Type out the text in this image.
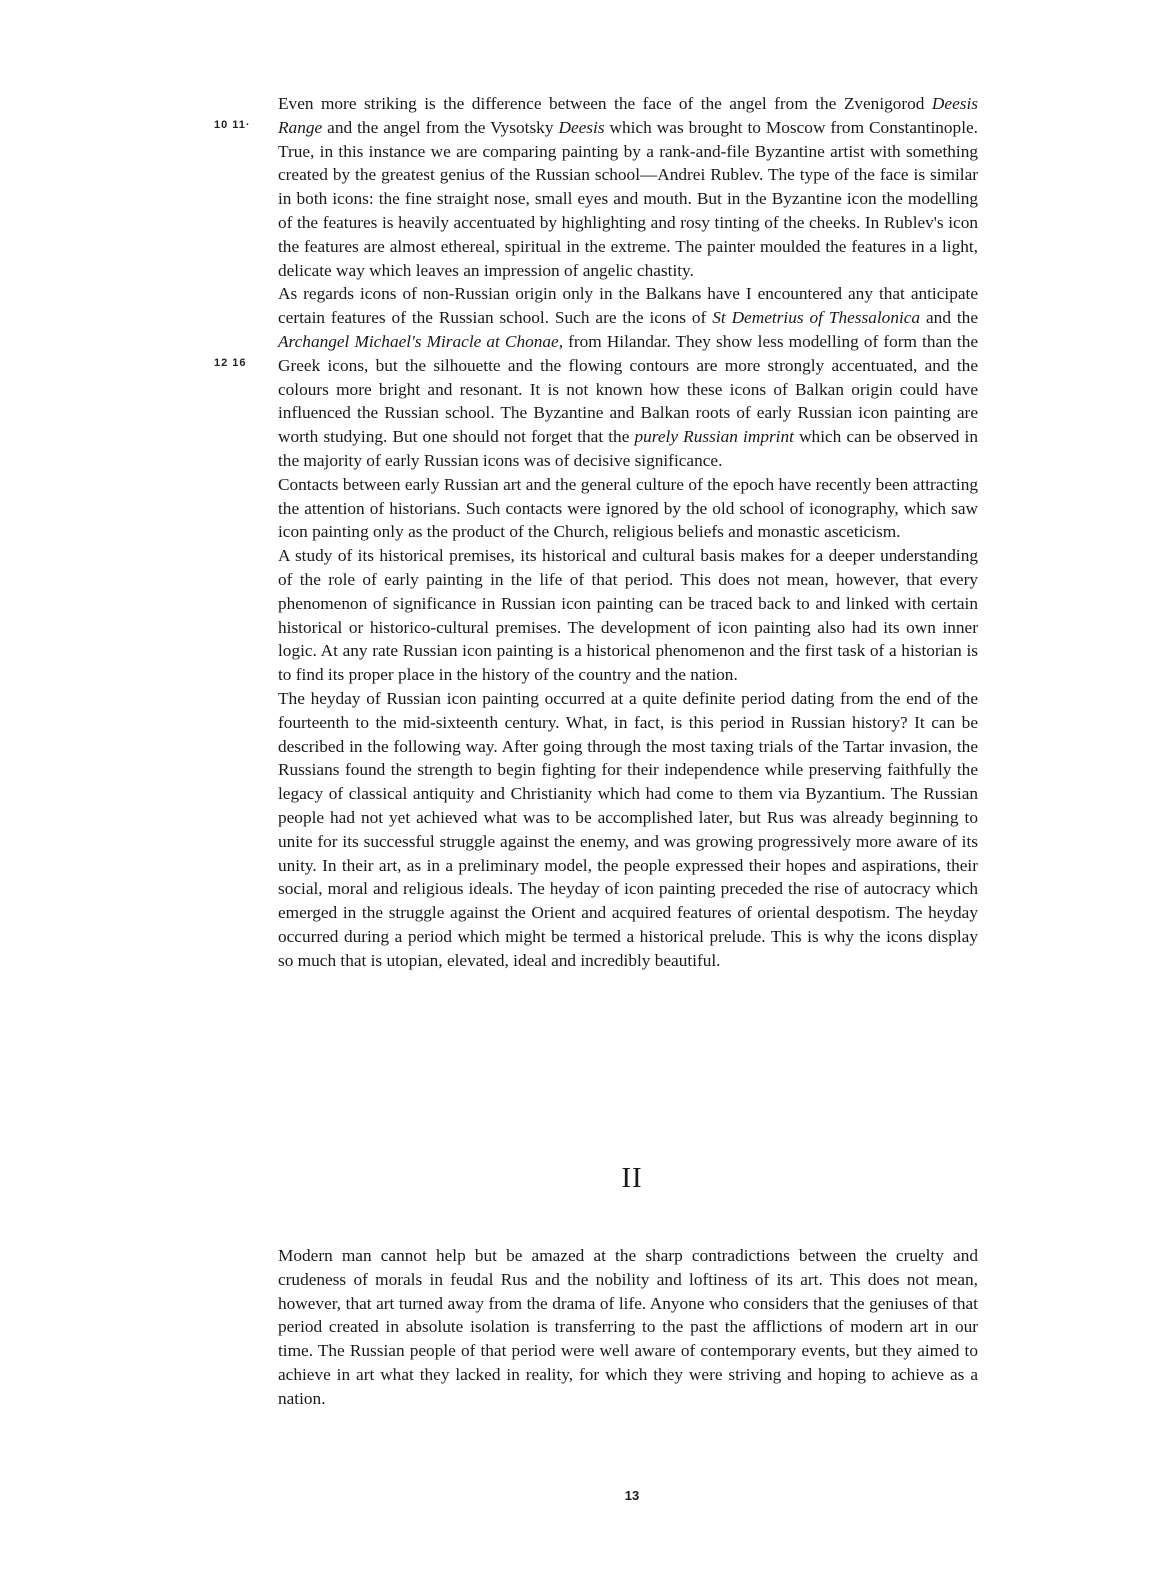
10 11·
12 16

Even more striking is the difference between the face of the angel from the Zvenigorod Deesis Range and the angel from the Vysotsky Deesis which was brought to Moscow from Constantinople. True, in this instance we are comparing painting by a rank-and-file Byzantine artist with something created by the greatest genius of the Russian school—Andrei Rublev. The type of the face is similar in both icons: the fine straight nose, small eyes and mouth. But in the Byzantine icon the modelling of the features is heavily accentuated by highlighting and rosy tinting of the cheeks. In Rublev's icon the features are almost ethereal, spiritual in the extreme. The painter moulded the features in a light, delicate way which leaves an impression of angelic chastity.

As regards icons of non-Russian origin only in the Balkans have I encountered any that anticipate certain features of the Russian school. Such are the icons of St Demetrius of Thessalonica and the Archangel Michael's Miracle at Chonae, from Hilandar. They show less modelling of form than the Greek icons, but the silhouette and the flowing contours are more strongly accentuated, and the colours more bright and resonant. It is not known how these icons of Balkan origin could have influenced the Russian school. The Byzantine and Balkan roots of early Russian icon painting are worth studying. But one should not forget that the purely Russian imprint which can be observed in the majority of early Russian icons was of decisive significance.

Contacts between early Russian art and the general culture of the epoch have recently been attracting the attention of historians. Such contacts were ignored by the old school of iconography, which saw icon painting only as the product of the Church, religious beliefs and monastic asceticism.

A study of its historical premises, its historical and cultural basis makes for a deeper understanding of the role of early painting in the life of that period. This does not mean, however, that every phenomenon of significance in Russian icon painting can be traced back to and linked with certain historical or historico-cultural premises. The development of icon painting also had its own inner logic. At any rate Russian icon painting is a historical phenomenon and the first task of a historian is to find its proper place in the history of the country and the nation.

The heyday of Russian icon painting occurred at a quite definite period dating from the end of the fourteenth to the mid-sixteenth century. What, in fact, is this period in Russian history? It can be described in the following way. After going through the most taxing trials of the Tartar invasion, the Russians found the strength to begin fighting for their independence while preserving faithfully the legacy of classical antiquity and Christianity which had come to them via Byzantium. The Russian people had not yet achieved what was to be accomplished later, but Rus was already beginning to unite for its successful struggle against the enemy, and was growing progressively more aware of its unity. In their art, as in a preliminary model, the people expressed their hopes and aspirations, their social, moral and religious ideals. The heyday of icon painting preceded the rise of autocracy which emerged in the struggle against the Orient and acquired features of oriental despotism. The heyday occurred during a period which might be termed a historical prelude. This is why the icons display so much that is utopian, elevated, ideal and incredibly beautiful.

II

Modern man cannot help but be amazed at the sharp contradictions between the cruelty and crudeness of morals in feudal Rus and the nobility and loftiness of its art. This does not mean, however, that art turned away from the drama of life. Anyone who considers that the geniuses of that period created in absolute isolation is transferring to the past the afflictions of modern art in our time. The Russian people of that period were well aware of contemporary events, but they aimed to achieve in art what they lacked in reality, for which they were striving and hoping to achieve as a nation.

13
